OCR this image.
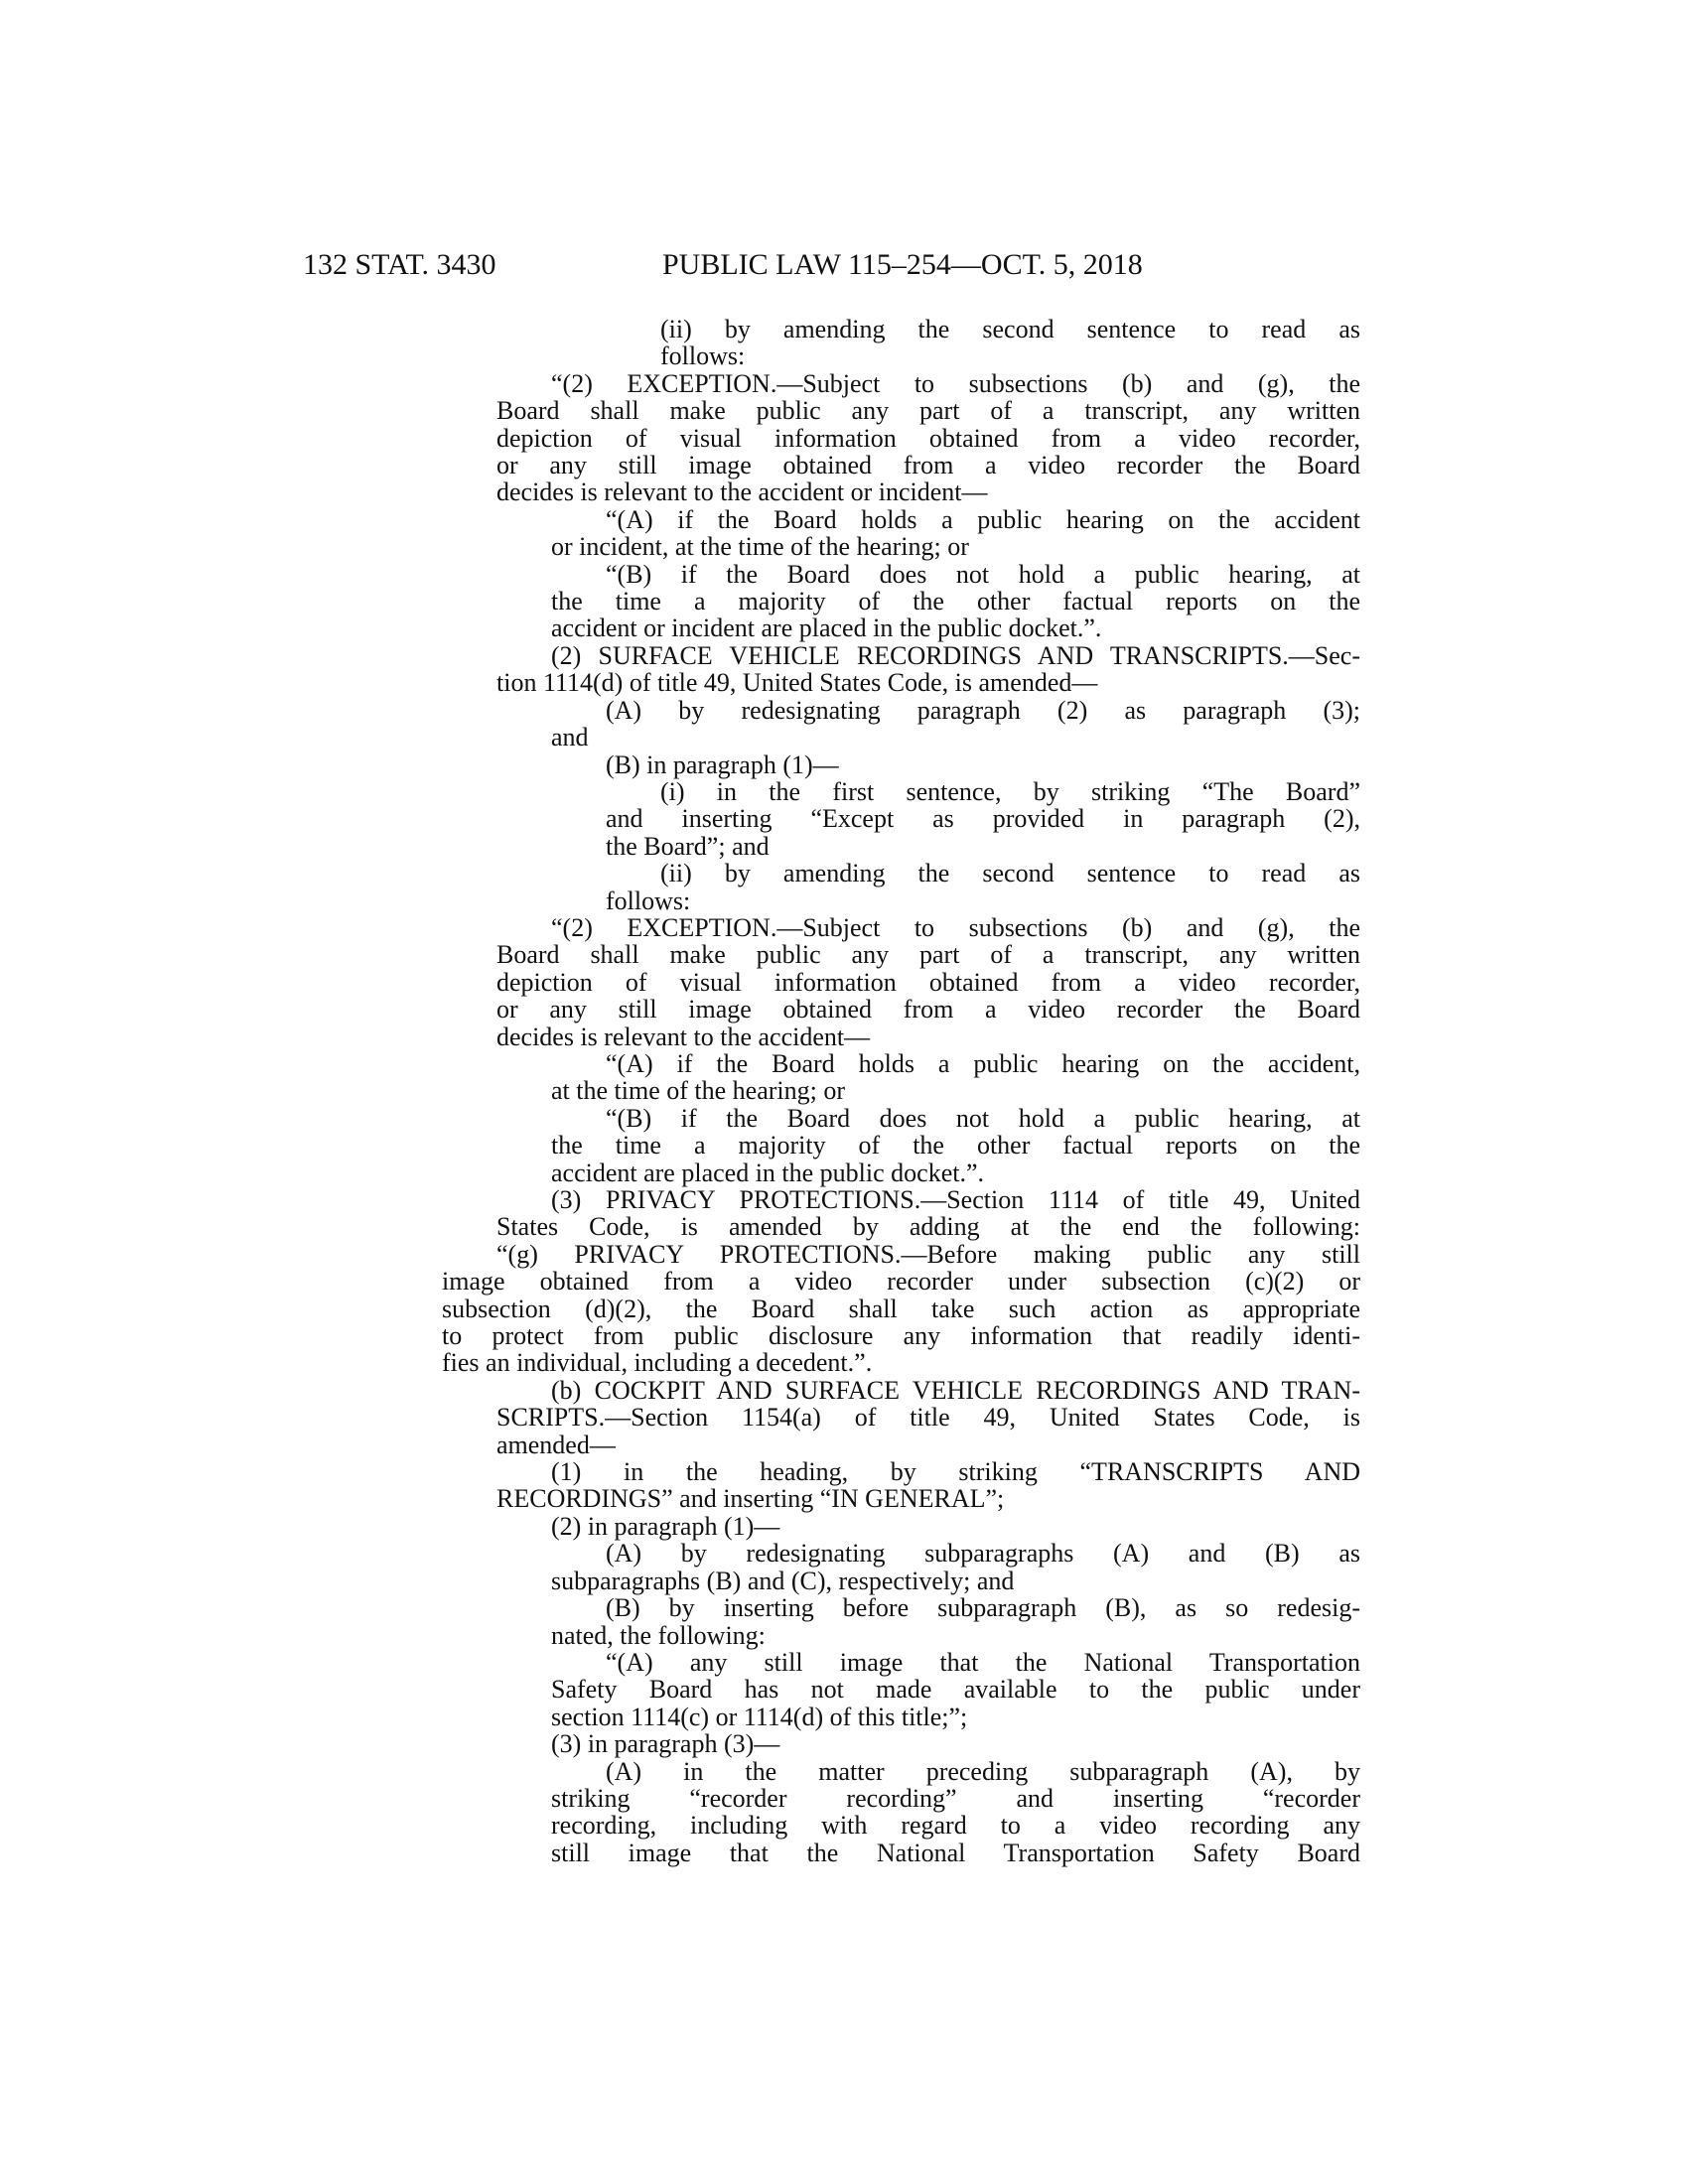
132 STAT. 3430	PUBLIC LAW 115–254—OCT. 5, 2018
(ii) by amending the second sentence to read as
follows:
“(2) EXCEPTION.—Subject to subsections (b) and (g), the
Board shall make public any part of a transcript, any written
depiction of visual information obtained from a video recorder,
or any still image obtained from a video recorder the Board
decides is relevant to the accident or incident—
“(A) if the Board holds a public hearing on the accident
or incident, at the time of the hearing; or
“(B) if the Board does not hold a public hearing, at
the time a majority of the other factual reports on the
accident or incident are placed in the public docket.”.
(2) SURFACE VEHICLE RECORDINGS AND TRANSCRIPTS.—Sec-
tion 1114(d) of title 49, United States Code, is amended—
(A) by redesignating paragraph (2) as paragraph (3);
and
(B) in paragraph (1)—
(i) in the first sentence, by striking “The Board”
and inserting “Except as provided in paragraph (2),
the Board”; and
(ii) by amending the second sentence to read as
follows:
“(2) EXCEPTION.—Subject to subsections (b) and (g), the
Board shall make public any part of a transcript, any written
depiction of visual information obtained from a video recorder,
or any still image obtained from a video recorder the Board
decides is relevant to the accident—
“(A) if the Board holds a public hearing on the accident,
at the time of the hearing; or
“(B) if the Board does not hold a public hearing, at
the time a majority of the other factual reports on the
accident are placed in the public docket.”.
(3) PRIVACY PROTECTIONS.—Section 1114 of title 49, United
States Code, is amended by adding at the end the following:
“(g) PRIVACY PROTECTIONS.—Before making public any still
image obtained from a video recorder under subsection (c)(2) or
subsection (d)(2), the Board shall take such action as appropriate
to protect from public disclosure any information that readily identi-
fies an individual, including a decedent.”.
(b) COCKPIT AND SURFACE VEHICLE RECORDINGS AND TRAN-
SCRIPTS.—Section 1154(a) of title 49, United States Code, is
amended—
(1) in the heading, by striking “TRANSCRIPTS AND
RECORDINGS” and inserting “IN GENERAL”;
(2) in paragraph (1)—
(A) by redesignating subparagraphs (A) and (B) as
subparagraphs (B) and (C), respectively; and
(B) by inserting before subparagraph (B), as so redesig-
nated, the following:
“(A) any still image that the National Transportation
Safety Board has not made available to the public under
section 1114(c) or 1114(d) of this title;”;
(3) in paragraph (3)—
(A) in the matter preceding subparagraph (A), by
striking “recorder recording” and inserting “recorder
recording, including with regard to a video recording any
still image that the National Transportation Safety Board
